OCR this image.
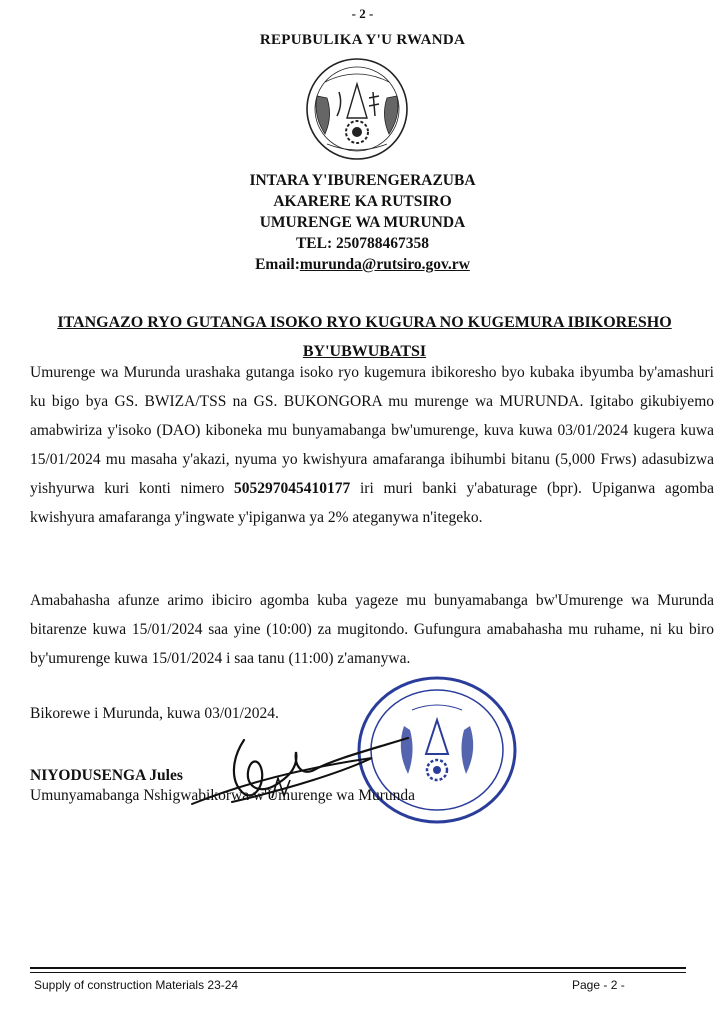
- 2 -
REPUBULIKA Y'U RWANDA
INTARA Y'IBURENGERAZUBA
AKARERE KA RUTSIRO
UMURENGE WA MURUNDA
TEL: 250788467358
Email:murunda@rutsiro.gov.rw
ITANGAZO RYO GUTANGA ISOKO RYO KUGURA NO KUGEMURA IBIKORESHO
BY'UBWUBATSI
Umurenge wa Murunda urashaka gutanga isoko ryo kugemura ibikoresho byo kubaka ibyumba by'amashuri ku bigo bya GS. BWIZA/TSS na GS. BUKONGORA mu murenge wa MURUNDA. Igitabo gikubiyemo amabwiriza y'isoko (DAO) kiboneka mu bunyamabanga bw'umurenge, kuva kuwa 03/01/2024 kugera kuwa 15/01/2024 mu masaha y'akazi, nyuma yo kwishyura amafaranga ibihumbi bitanu (5,000 Frws) adasubizwa yishyurwa kuri konti nimero 505297045410177 iri muri banki y'abaturage (bpr). Upiganwa agomba kwishyura amafaranga y'ingwate y'ipiganwa ya 2% ateganywa n'itegeko.
Amabahasha afunze arimo ibiciro agomba kuba yageze mu bunyamabanga bw'Umurenge wa Murunda bitarenze kuwa 15/01/2024 saa yine (10:00) za mugitondo. Gufungura amabahasha mu ruhame, ni ku biro by'umurenge kuwa 15/01/2024 i saa tanu (11:00) z'amanywa.
Bikorewe i Murunda, kuwa 03/01/2024.
NIYODUSENGA Jules
Umunyamabanga Nshigwabikorwa w'Umurenge wa Murunda
Supply of construction Materials 23-24	Page - 2 -
